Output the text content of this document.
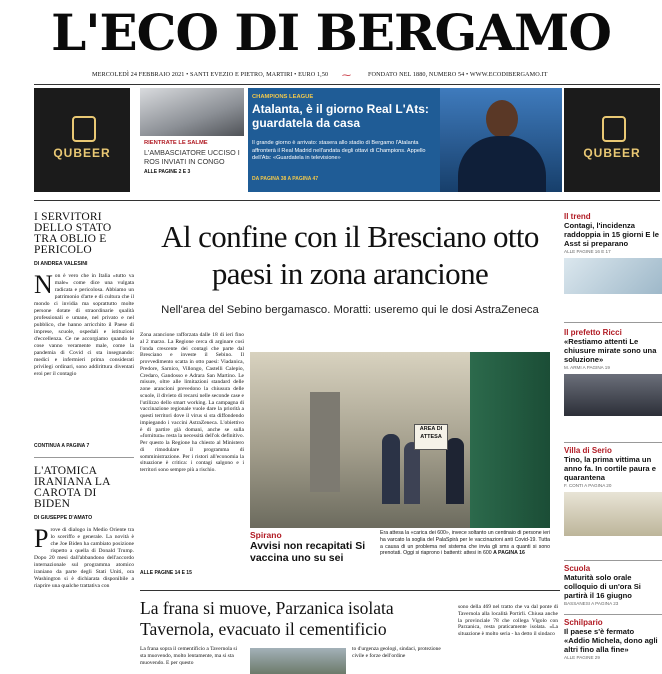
L'ECO DI BERGAMO
MERCOLEDÌ 24 FEBBRAIO 2021 • SANTI EVEZIO E PIETRO, MARTIRI • EURO 1,50 ⁓	FONDATO NEL 1880, NUMERO 54 • WWW.ECODIBERGAMO.IT
QUBEER	QUBEER
RIENTRATE LE SALME
L'AMBASCIATORE UCCISO I ROS INVIATI IN CONGO
ALLE PAGINE 2 E 3
CHAMPIONS LEAGUE
Atalanta, è il giorno Real L'Ats: guardatela da casa
Il grande giorno è arrivato: stasera allo stadio di Bergamo l'Atalanta affronterà il Real Madrid nell'andata degli ottavi di Champions. Appello dell'Ats: «Guardatela in televisione»
DA PAGINA 38 A PAGINA 47
I SERVITORI DELLO STATO TRA OBLIO E PERICOLO
DI ANDREA VALESINI
Non è vero che in Italia «tutto va male» come dice una vulgata radicata e pericolosa. Abbiamo un patrimonio d'arte e di cultura che il mondo ci invidia ma soprattutto molte persone dotate di straordinarie qualità professionali e umane, nel privato e nel pubblico, che hanno arricchito il Paese di imprese, scuole, ospedali e istituzioni d'eccellenza. Ce ne accorgiamo quando le cose vanno veramente male, come la pandemia di Covid ci sta insegnando: medici e infermieri prima considerati privilegi ordinari, sono addirittura diventati eroi per il contagio
CONTINUA A PAGINA 7
L'ATOMICA IRANIANA LA CAROTA DI BIDEN
DI GIUSEPPE D'AMATO
Prove di dialogo in Medio Oriente tra lo sceriffo e generale. La novità è che Joe Biden ha cambiato posizione rispetto a quella di Donald Trump. Dopo 20 mesi dall'abbandono dell'accordo internazionale sul programma atomico iraniano da parte degli Stati Uniti, ora Washington si è dichiarata disponibile a riaprire una qualche trattativa con
Al confine con il Bresciano otto paesi in zona arancione
Nell'area del Sebino bergamasco. Moratti: useremo qui le dosi AstraZeneca
Zona arancione rafforzata dalle 18 di ieri fino al 2 marzo. La Regione cerca di arginare così l'onda crescente dei contagi che parte dal Bresciano e investe il Sebino. Il provvedimento scatta in otto paesi: Viadanica, Predore, Sarnico, Villongo, Castelli Calepio, Credaro, Gandosso e Adrara San Martino. Le misure, oltre alle limitazioni standard delle zone arancioni prevedono la chiusura delle scuole, il divieto di recarsi nelle seconde case e l'utilizzo dello smart working. La campagna di vaccinazione regionale vuole dare la priorità a questi territori dove il virus si sta diffondendo impiegando i vaccini AstraZeneca. L'obiettivo è di partire già domani, anche se sulla «fornitura» resta la necessità dell'ok definitivo. Per questo la Regione ha chiesto al Ministero di rimodulare il programma di somministrazione. Per i ristori all'economia la situazione è critica: i contagi salgono e i territori sono sempre più a rischio.
ALLE PAGINE 14 E 15
AREA DI ATTESA
Spirano
Avvisi non recapitati Si vaccina uno su sei
Era attesa la «carica dei 600», invece soltanto un centinaio di persone ieri ha varcato la soglia del PalaSpirà per le vaccinazioni anti Covid-19. Tutta a causa di un problema nel sistema che invia gli sms a quanti si sono prenotati. Oggi si riaprono i battenti: attesi in 600 A PAGINA 16
La frana si muove, Parzanica isolata Tavernola, evacuato il cementificio
sono della 469 nel tratto che va dal ponte di Tavernola alla località Portirli. Chiusa anche la provinciale 78 che collega Vigolo con Parzanica, resta praticamente isolata. «La situazione è molto seria - ha detto il sindaco
La frana sopra il cementificio a Tavernola si sta muovendo, molto lentamente, ma si sta muovendo. E per questo
to d'urgenza geologi, sindaci, protezione civile e forze dell'ordine
Il trend
Contagi, l'incidenza raddoppia in 15 giorni E le Asst si preparano
ALLE PAGINE 16 E 17
Il prefetto Ricci
«Restiamo attenti Le chiusure mirate sono una soluzione»
M. ARMI A PAGINA 19
Villa di Serio
Tino, la prima vittima un anno fa. In cortile paura e quarantena
F. CONTI A PAGINA 20
Scuola
Maturità solo orale colloquio di un'ora Si partirà il 16 giugno
BASSANESI A PAGINA 23
Schilpario
Il paese s'è fermato «Addio Michela, dono agli altri fino alla fine»
ALLE PAGINE 29
